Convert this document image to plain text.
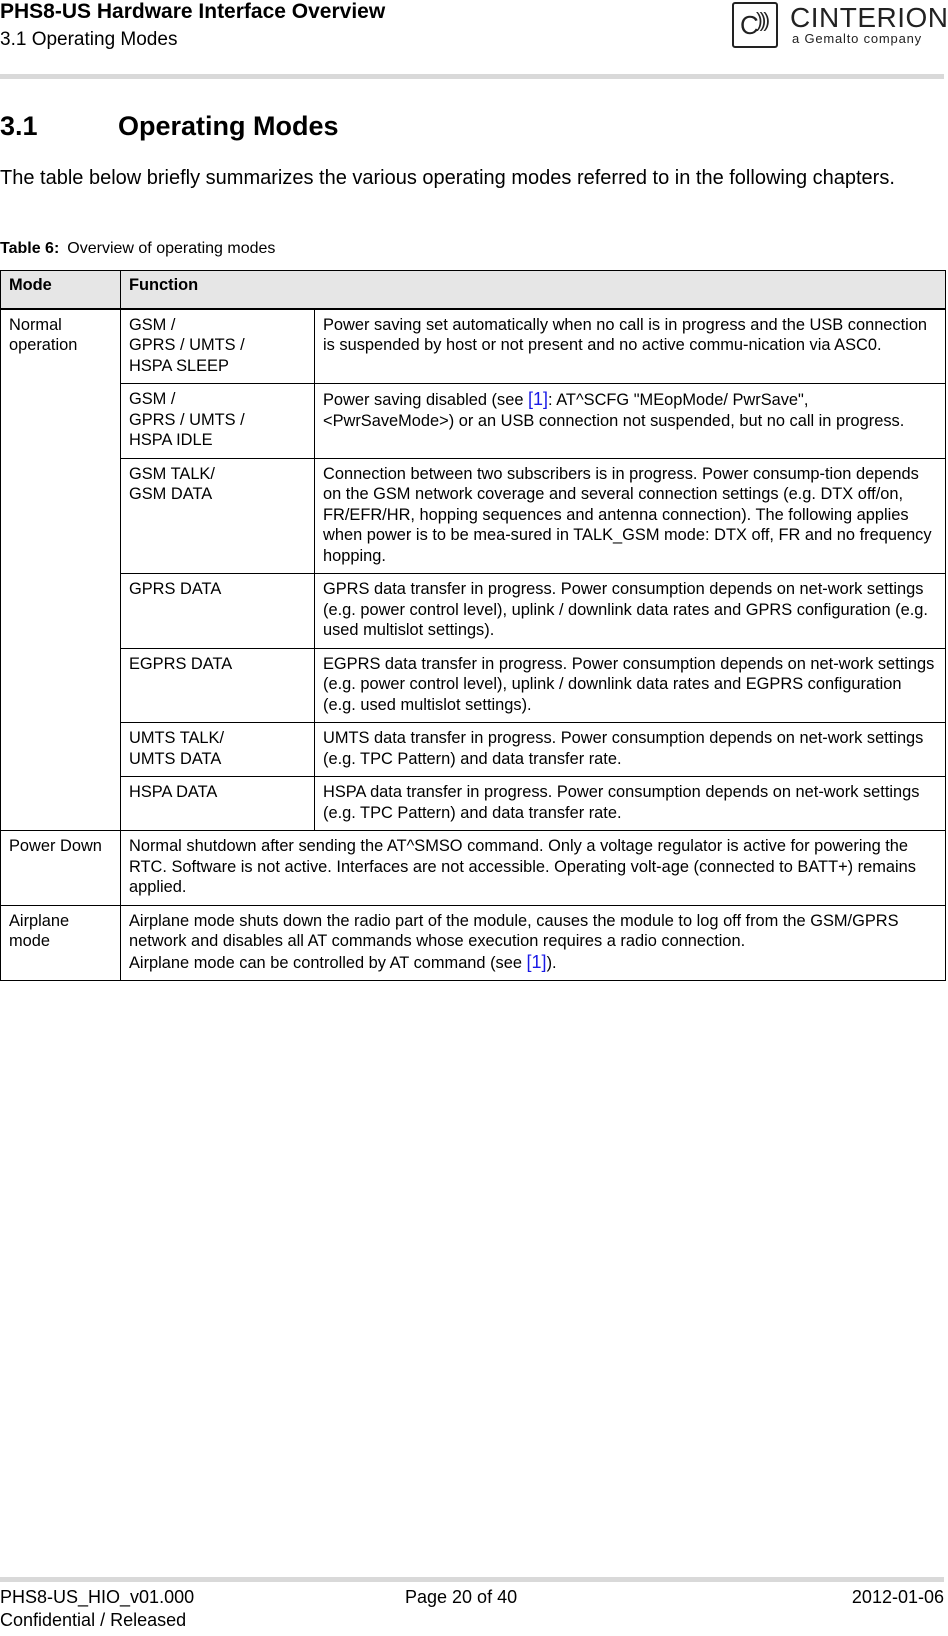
PHS8-US Hardware Interface Overview
3.1 Operating Modes	C
))) CINTERION
a Gemalto company
3.1	Operating Modes
The table below briefly summarizes the various operating modes referred to in the following chapters.
Table 6: Overview of operating modes
Mode	Function	
Normal operation	GSM /
GPRS / UMTS /
HSPA SLEEP	Power saving set automatically when no call is in progress and the USB connection is suspended by host or not present and no active commu-nication via ASC0.
	GSM /
GPRS / UMTS /
HSPA IDLE	Power saving disabled (see [1]: AT^SCFG "MEopMode/ PwrSave",<PwrSaveMode>) or an USB connection not suspended, but no call in progress.
	GSM TALK/
GSM DATA	Connection between two subscribers is in progress. Power consump-tion depends on the GSM network coverage and several connection settings (e.g. DTX off/on, FR/EFR/HR, hopping sequences and antenna connection). The following applies when power is to be mea-sured in TALK_GSM mode: DTX off, FR and no frequency hopping.
	GPRS DATA	GPRS data transfer in progress. Power consumption depends on net-work settings (e.g. power control level), uplink / downlink data rates and GPRS configuration (e.g. used multislot settings).
	EGPRS DATA	EGPRS data transfer in progress. Power consumption depends on net-work settings (e.g. power control level), uplink / downlink data rates and EGPRS configuration (e.g. used multislot settings).
	UMTS TALK/
UMTS DATA	UMTS data transfer in progress. Power consumption depends on net-work settings (e.g. TPC Pattern) and data transfer rate.
	HSPA DATA	HSPA data transfer in progress. Power consumption depends on net-work settings (e.g. TPC Pattern) and data transfer rate.
Power Down	Normal shutdown after sending the AT^SMSO command. Only a voltage regulator is active for powering the RTC. Software is not active. Interfaces are not accessible. Operating volt-age (connected to BATT+) remains applied.	
Airplane mode	Airplane mode shuts down the radio part of the module, causes the module to log off from the GSM/GPRS network and disables all AT commands whose execution requires a radio connection.
Airplane mode can be controlled by AT command (see [1]).	
PHS8-US_HIO_v01.000
Confidential / Released
Page 20 of 40	2012-01-06
